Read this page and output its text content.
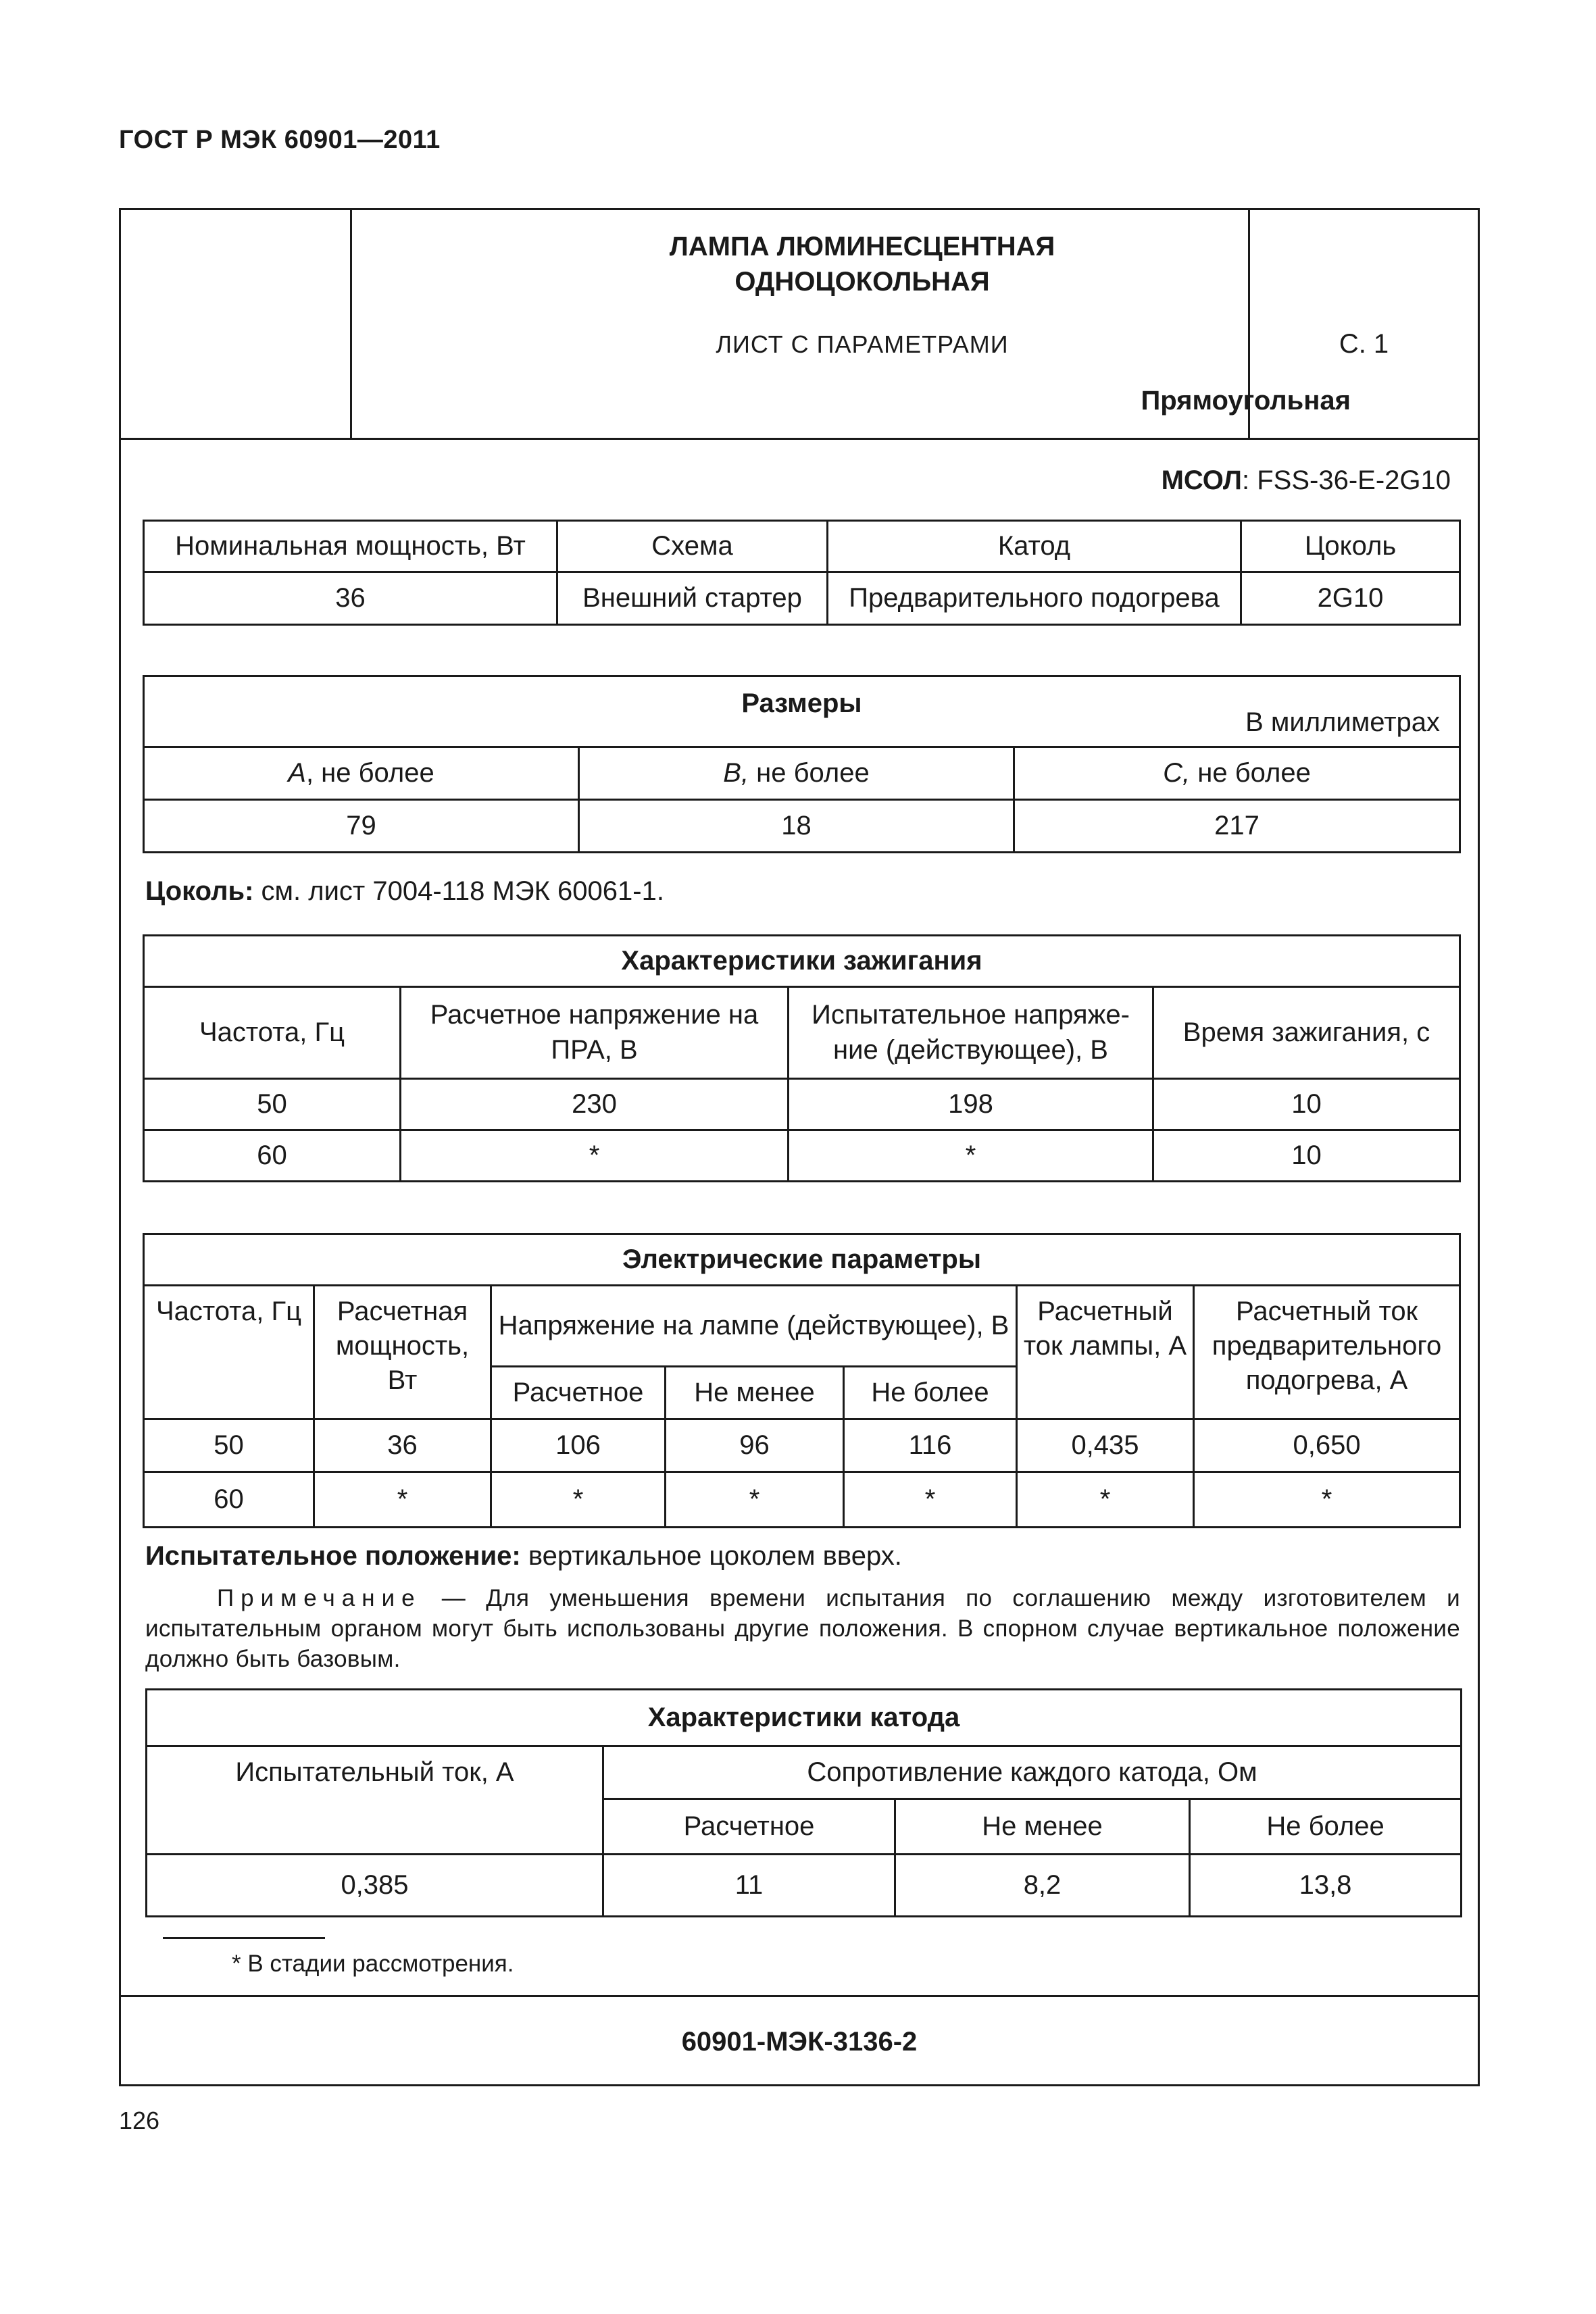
ГОСТ Р МЭК 60901—2011
ЛАМПА ЛЮМИНЕСЦЕНТНАЯ
ОДНОЦОКОЛЬНАЯ
ЛИСТ С ПАРАМЕТРАМИ
Прямоугольная
С. 1
МСОЛ: FSS-36-E-2G10
Номинальная мощность, Вт	Схема	Катод	Цоколь
36	Внешний стартер	Предварительного подогрева	2G10
Размеры
В миллиметрах		

A, не более	B, не более	C, не более
79	18	217
Цоколь: см. лист 7004-118 МЭК 60061-1.
Характеристики зажигания			
Частота, Гц	Расчетное напряжение на ПРА, В	Испытательное напряже-ние (действующее), В	Время зажигания, с
50	230	198	10
60	*	*	10
Электрические параметры						
Частота, Гц	Расчетная мощность, Вт	Напряжение на лампе (действующее), В			Расчетный ток лампы, А	Расчетный ток предварительного подогрева, А
		Расчетное	Не менее	Не более		
50	36	106	96	116	0,435	0,650
60	*	*	*	*	*	*
Испытательное положение: вертикальное цоколем вверх.
Примечание — Для уменьшения времени испытания по соглашению между изготовителем и испытательным органом могут быть использованы другие положения. В спорном случае вертикальное положение должно быть базовым.
Характеристики катода			
Испытательный ток, А	Сопротивление каждого катода, Ом		
	Расчетное	Не менее	Не более
0,385	11	8,2	13,8
* В стадии рассмотрения.
60901-МЭК-3136-2
126
